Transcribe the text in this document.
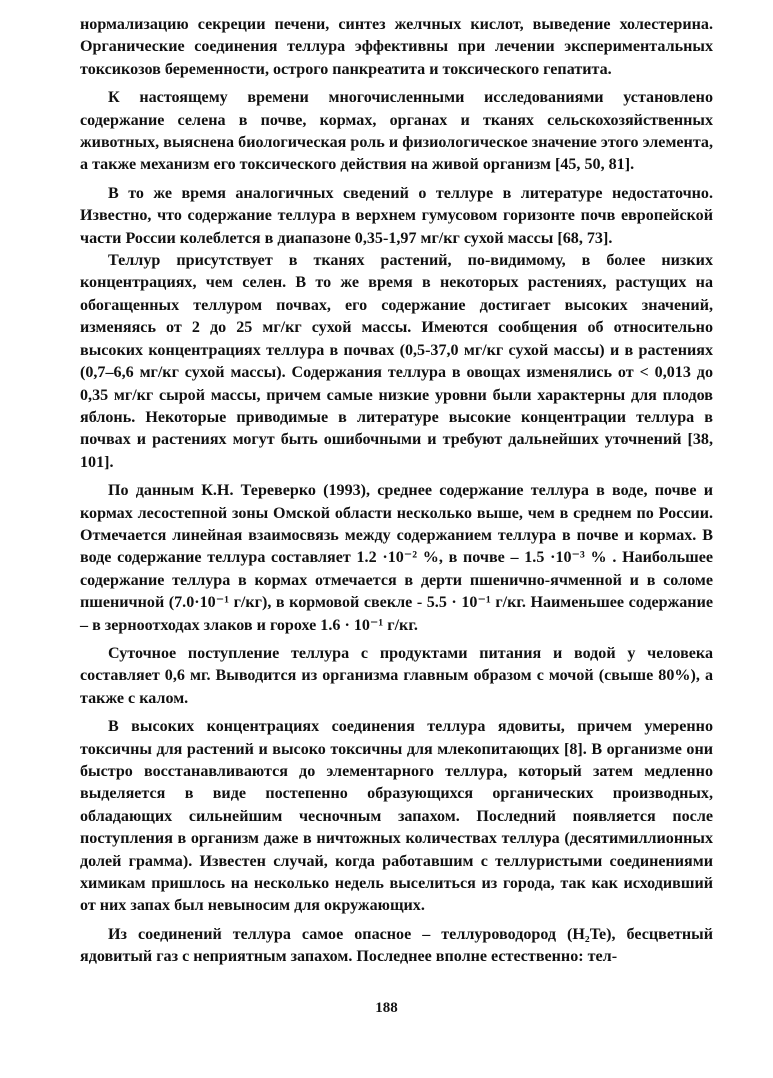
нормализацию секреции печени, синтез желчных кислот, выведение холестерина. Органические соединения теллура эффективны при лечении экспериментальных токсикозов беременности, острого панкреатита и токсического гепатита.

К настоящему времени многочисленными исследованиями установлено содержание селена в почве, кормах, органах и тканях сельскохозяйственных животных, выяснена биологическая роль и физиологическое значение этого элемента, а также механизм его токсического действия на живой организм [45, 50, 81].

В то же время аналогичных сведений о теллуре в литературе недостаточно. Известно, что содержание теллура в верхнем гумусовом горизонте почв европейской части России колеблется в диапазоне 0,35-1,97 мг/кг сухой массы [68, 73].

Теллур присутствует в тканях растений, по-видимому, в более низких концентрациях, чем селен. В то же время в некоторых растениях, растущих на обогащенных теллуром почвах, его содержание достигает высоких значений, изменяясь от 2 до 25 мг/кг сухой массы. Имеются сообщения об относительно высоких концентрациях теллура в почвах (0,5-37,0 мг/кг сухой массы) и в растениях (0,7–6,6 мг/кг сухой массы). Содержания теллура в овощах изменялись от < 0,013 до 0,35 мг/кг сырой массы, причем самые низкие уровни были характерны для плодов яблонь. Некоторые приводимые в литературе высокие концентрации теллура в почвах и растениях могут быть ошибочными и требуют дальнейших уточнений [38, 101].

По данным К.Н. Тереверко (1993), среднее содержание теллура в воде, почве и кормах лесостепной зоны Омской области несколько выше, чем в среднем по России. Отмечается линейная взаимосвязь между содержанием теллура в почве и кормах. В воде содержание теллура составляет 1.2 ·10⁻² %, в почве – 1.5 ·10⁻³ % . Наибольшее содержание теллура в кормах отмечается в дерти пшенично-ячменной и в соломе пшеничной (7.0·10⁻¹ г/кг), в кормовой свекле - 5.5 · 10⁻¹ г/кг. Наименьшее содержание – в зерноотходах злаков и горохе 1.6 · 10⁻¹ г/кг.

Суточное поступление теллура с продуктами питания и водой у человека составляет 0,6 мг. Выводится из организма главным образом с мочой (свыше 80%), а также с калом.

В высоких концентрациях соединения теллура ядовиты, причем умеренно токсичны для растений и высоко токсичны для млекопитающих [8]. В организме они быстро восстанавливаются до элементарного теллура, который затем медленно выделяется в виде постепенно образующихся органических производных, обладающих сильнейшим чесночным запахом. Последний появляется после поступления в организм даже в ничтожных количествах теллура (десятимиллионных долей грамма). Известен случай, когда работавшим с теллуристыми соединениями химикам пришлось на несколько недель выселиться из города, так как исходивший от них запах был невыносим для окружающих.

Из соединений теллура самое опасное – теллуроводород (H₂Te), бесцветный ядовитый газ с неприятным запахом. Последнее вполне естественно: тел-

188
